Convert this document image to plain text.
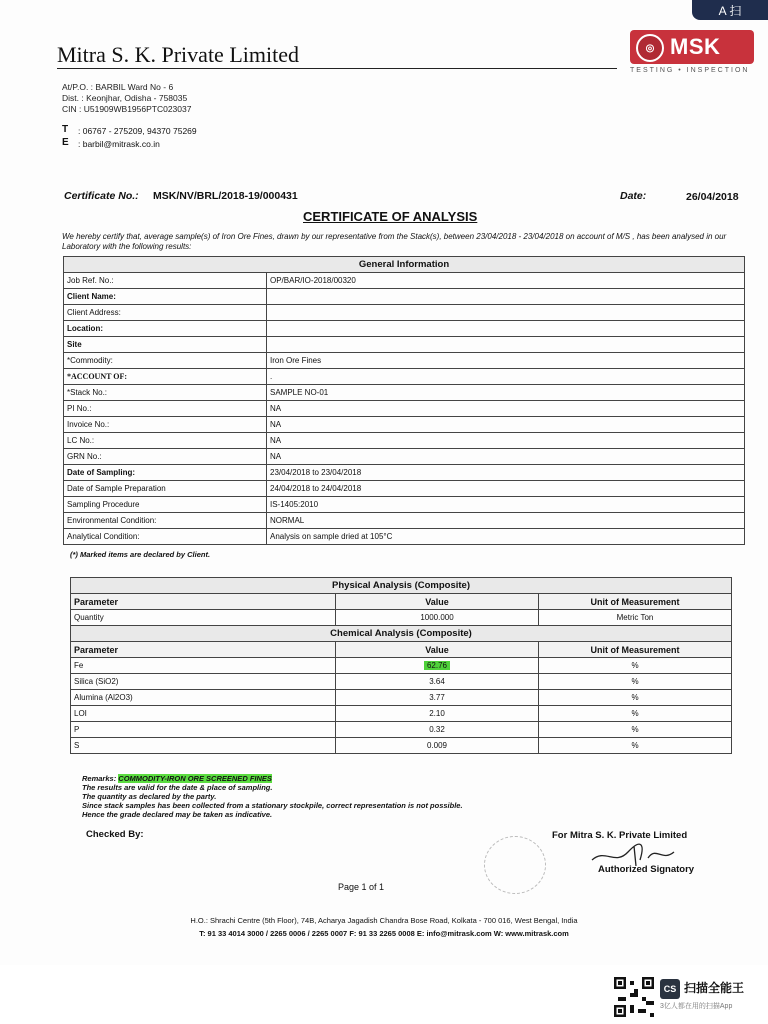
A 扫
Mitra S. K. Private Limited	◎ MSK
TESTING • INSPECTION
At/P.O. : BARBIL Ward No - 6
Dist. : Keonjhar, Odisha - 758035
CIN : U51909WB1956PTC023037
T : 06767 - 275209, 94370 75269
E : barbil@mitrask.co.in
Certificate No.: MSK/NV/BRL/2018-19/000431	Date:	26/04/2018
CERTIFICATE OF ANALYSIS
We hereby certify that, average sample(s) of Iron Ore Fines, drawn by our representative from the Stack(s), between 23/04/2018 - 23/04/2018 on account of M/S , has been analysed in our Laboratory with the following results:
General Information	
Job Ref. No.:	OP/BAR/IO-2018/00320
Client Name:	
Client Address:	
Location:	
Site	
*Commodity:	Iron Ore Fines
*ACCOUNT OF:	.
*Stack No.:	SAMPLE NO-01
PI No.:	NA
Invoice No.:	NA
LC No.:	NA
GRN No.:	NA
Date of Sampling:	23/04/2018 to 23/04/2018
Date of Sample Preparation	24/04/2018 to 24/04/2018
Sampling Procedure	IS-1405:2010
Environmental Condition:	NORMAL
Analytical Condition:	Analysis on sample dried at 105°C
(*) Marked items are declared by Client.
Physical Analysis (Composite)		
Parameter	Value	Unit of Measurement
Quantity	1000.000	Metric Ton
Chemical Analysis (Composite)		
Parameter	Value	Unit of Measurement
Fe	62.76	%
Silica (SiO2)	3.64	%
Alumina (Al2O3)	3.77	%
LOI	2.10	%
P	0.32	%
S	0.009	%
Remarks: COMMODITY-IRON ORE SCREENED FINES
The results are valid for the date & place of sampling.
The quantity as declared by the party.
Since stack samples has been collected from a stationary stockpile, correct representation is not possible.
Hence the grade declared may be taken as indicative.
Checked By:	For Mitra S. K. Private Limited
Authorized Signatory
Page 1 of 1
H.O.: Shrachi Centre (5th Floor), 74B, Acharya Jagadish Chandra Bose Road, Kolkata - 700 016, West Bengal, India
T: 91 33 4014 3000 / 2265 0006 / 2265 0007 F: 91 33 2265 0008 E: info@mitrask.com W: www.mitrask.com
CS 扫描全能王
3亿人都在用的扫描App
